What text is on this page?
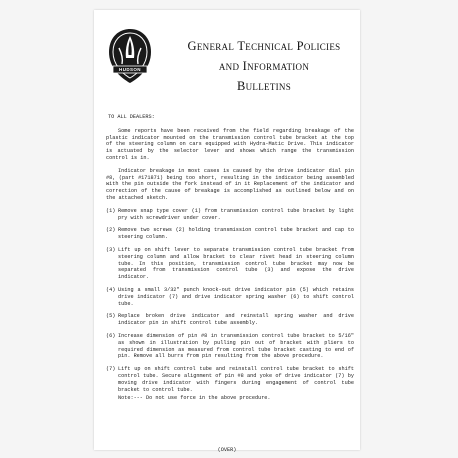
HUDSON
General Technical Policies
and Information
Bulletins
TO ALL DEALERS:

Some reports have been received from the field regarding breakage of the plastic indicator mounted on the transmission control tube bracket at the top of the steering column on cars equipped with Hydra-Matic Drive. This indicator is actuated by the selector lever and shows which range the transmission control is in.

Indicator breakage in most cases is caused by the drive indicator dial pin #8, (part #171871) being too short, resulting in the indicator being assembled with the pin outside the fork instead of in it Replacement of the indicator and correction of the cause of breakage is accomplished as outlined below and on the attached sketch.

(1) Remove snap type cover (1) from transmission control tube bracket by light pry with screwdriver under cover.
(2) Remove two screws (2) holding transmission control tube bracket and cap to steering column.
(3) Lift up on shift lever to separate transmission control tube bracket from steering column and allow bracket to clear rivet head in steering column tube. In this position, transmission control tube bracket may now be separated from transmission control tube (3) and expose the drive indicator.
(4) Using a small 3/32" punch knock-out drive indicator pin (5) which retains drive indicator (7) and drive indicator spring washer (6) to shift control tube.
(5) Replace broken drive indicator and reinstall spring washer and drive indicator pin in shift control tube assembly.
(6) Increase dimension of pin #8 in transmission control tube bracket to 5/16" as shown in illustration by pulling pin out of bracket with pliers to required dimension as measured from control tube bracket casting to end of pin. Remove all burrs from pin resulting from the above procedure.
(7) Lift up on shift control tube and reinstall control tube bracket to shift control tube. Secure alignment of pin #8 and yoke of drive indicator (7) by moving drive indicator with fingers during engagement of control tube bracket to control tube.
Note:--- Do not use force in the above procedure.
(OVER)
